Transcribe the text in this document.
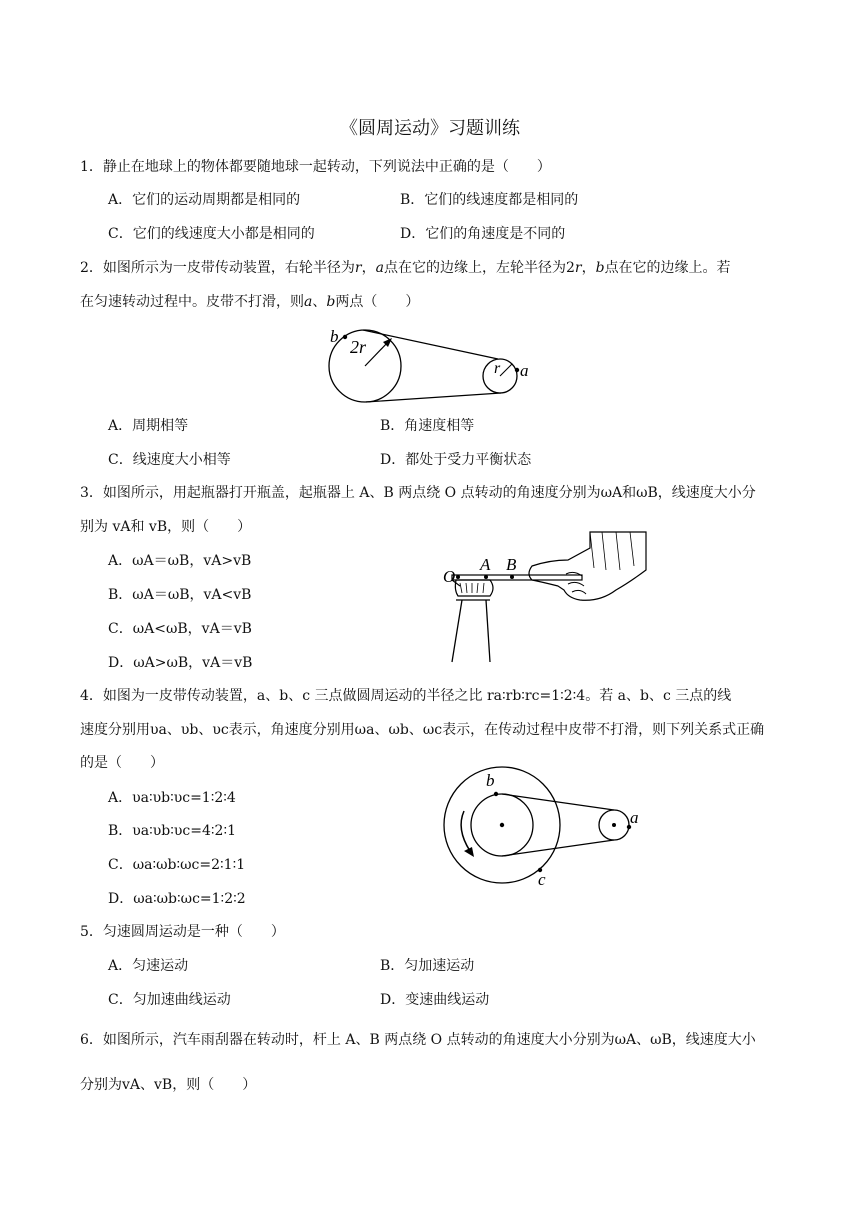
《圆周运动》习题训练
1．静止在地球上的物体都要随地球一起转动，下列说法中正确的是（　　）
A．它们的运动周期都是相同的	B．它们的线速度都是相同的
C．它们的线速度大小都是相同的	D．它们的角速度是不同的
2．如图所示为一皮带传动装置，右轮半径为r，a点在它的边缘上，左轮半径为2r，b点在它的边缘上。若
在匀速转动过程中。皮带不打滑，则a、b两点（　　）
b
2r
r a
A．周期相等	B．角速度相等
C．线速度大小相等	D．都处于受力平衡状态
3．如图所示，用起瓶器打开瓶盖，起瓶器上 A、B 两点绕 O 点转动的角速度分别为ωA和ωB，线速度大小分
别为 vA和 vB，则（　　）
O
A B
A．ωA＝ωB，vA>vB
B．ωA＝ωB，vA<vB
C．ωA<ωB，vA＝vB
D．ωA>ωB，vA＝vB
4．如图为一皮带传动装置，a、b、c 三点做圆周运动的半径之比 ra∶rb∶rc=1∶2∶4。若 a、b、c 三点的线
速度分别用υa、υb、υc表示，角速度分别用ωa、ωb、ωc表示，在传动过程中皮带不打滑，则下列关系式正确
的是（　　）
b
a
c
A．υa∶υb∶υc=1∶2∶4
B．υa∶υb∶υc=4∶2∶1
C．ωa∶ωb∶ωc=2∶1∶1
D．ωa∶ωb∶ωc=1∶2∶2
5．匀速圆周运动是一种（　　）
A．匀速运动	B．匀加速运动
C．匀加速曲线运动	D．变速曲线运动
6．如图所示，汽车雨刮器在转动时，杆上 A、B 两点绕 O 点转动的角速度大小分别为ωA、ωB，线速度大小
分别为vA、vB，则（　　）
